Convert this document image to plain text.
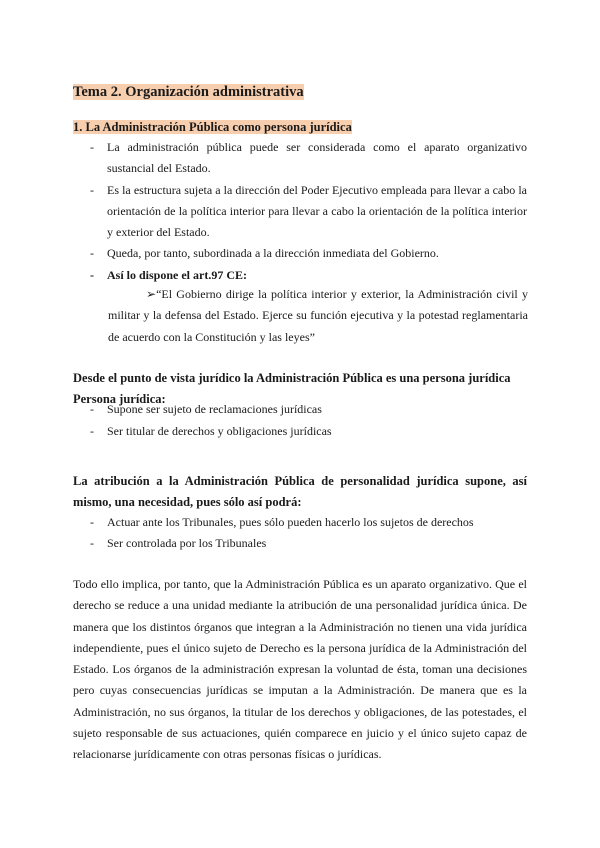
Tema 2. Organización administrativa
1. La Administración Pública como persona jurídica
- La administración pública puede ser considerada como el aparato organizativo sustancial del Estado.
- Es la estructura sujeta a la dirección del Poder Ejecutivo empleada para llevar a cabo la orientación de la política interior para llevar a cabo la orientación de la política interior y exterior del Estado.
- Queda, por tanto, subordinada a la dirección inmediata del Gobierno.
- Así lo dispone el art.97 CE:

➢“El Gobierno dirige la política interior y exterior, la Administración civil y militar y la defensa del Estado. Ejerce su función ejecutiva y la potestad reglamentaria de acuerdo con la Constitución y las leyes”

Desde el punto de vista jurídico la Administración Pública es una persona jurídica
Persona jurídica:
- Supone ser sujeto de reclamaciones jurídicas
- Ser titular de derechos y obligaciones jurídicas
La atribución a la Administración Pública de personalidad jurídica supone, así mismo, una necesidad, pues sólo así podrá:
- Actuar ante los Tribunales, pues sólo pueden hacerlo los sujetos de derechos
- Ser controlada por los Tribunales

Todo ello implica, por tanto, que la Administración Pública es un aparato organizativo. Que el derecho se reduce a una unidad mediante la atribución de una personalidad jurídica única. De manera que los distintos órganos que integran a la Administración no tienen una vida jurídica independiente, pues el único sujeto de Derecho es la persona jurídica de la Administración del Estado. Los órganos de la administración expresan la voluntad de ésta, toman una decisiones pero cuyas consecuencias jurídicas se imputan a la Administración. De manera que es la Administración, no sus órganos, la titular de los derechos y obligaciones, de las potestades, el sujeto responsable de sus actuaciones, quién comparece en juicio y el único sujeto capaz de relacionarse jurídicamente con otras personas físicas o jurídicas.
